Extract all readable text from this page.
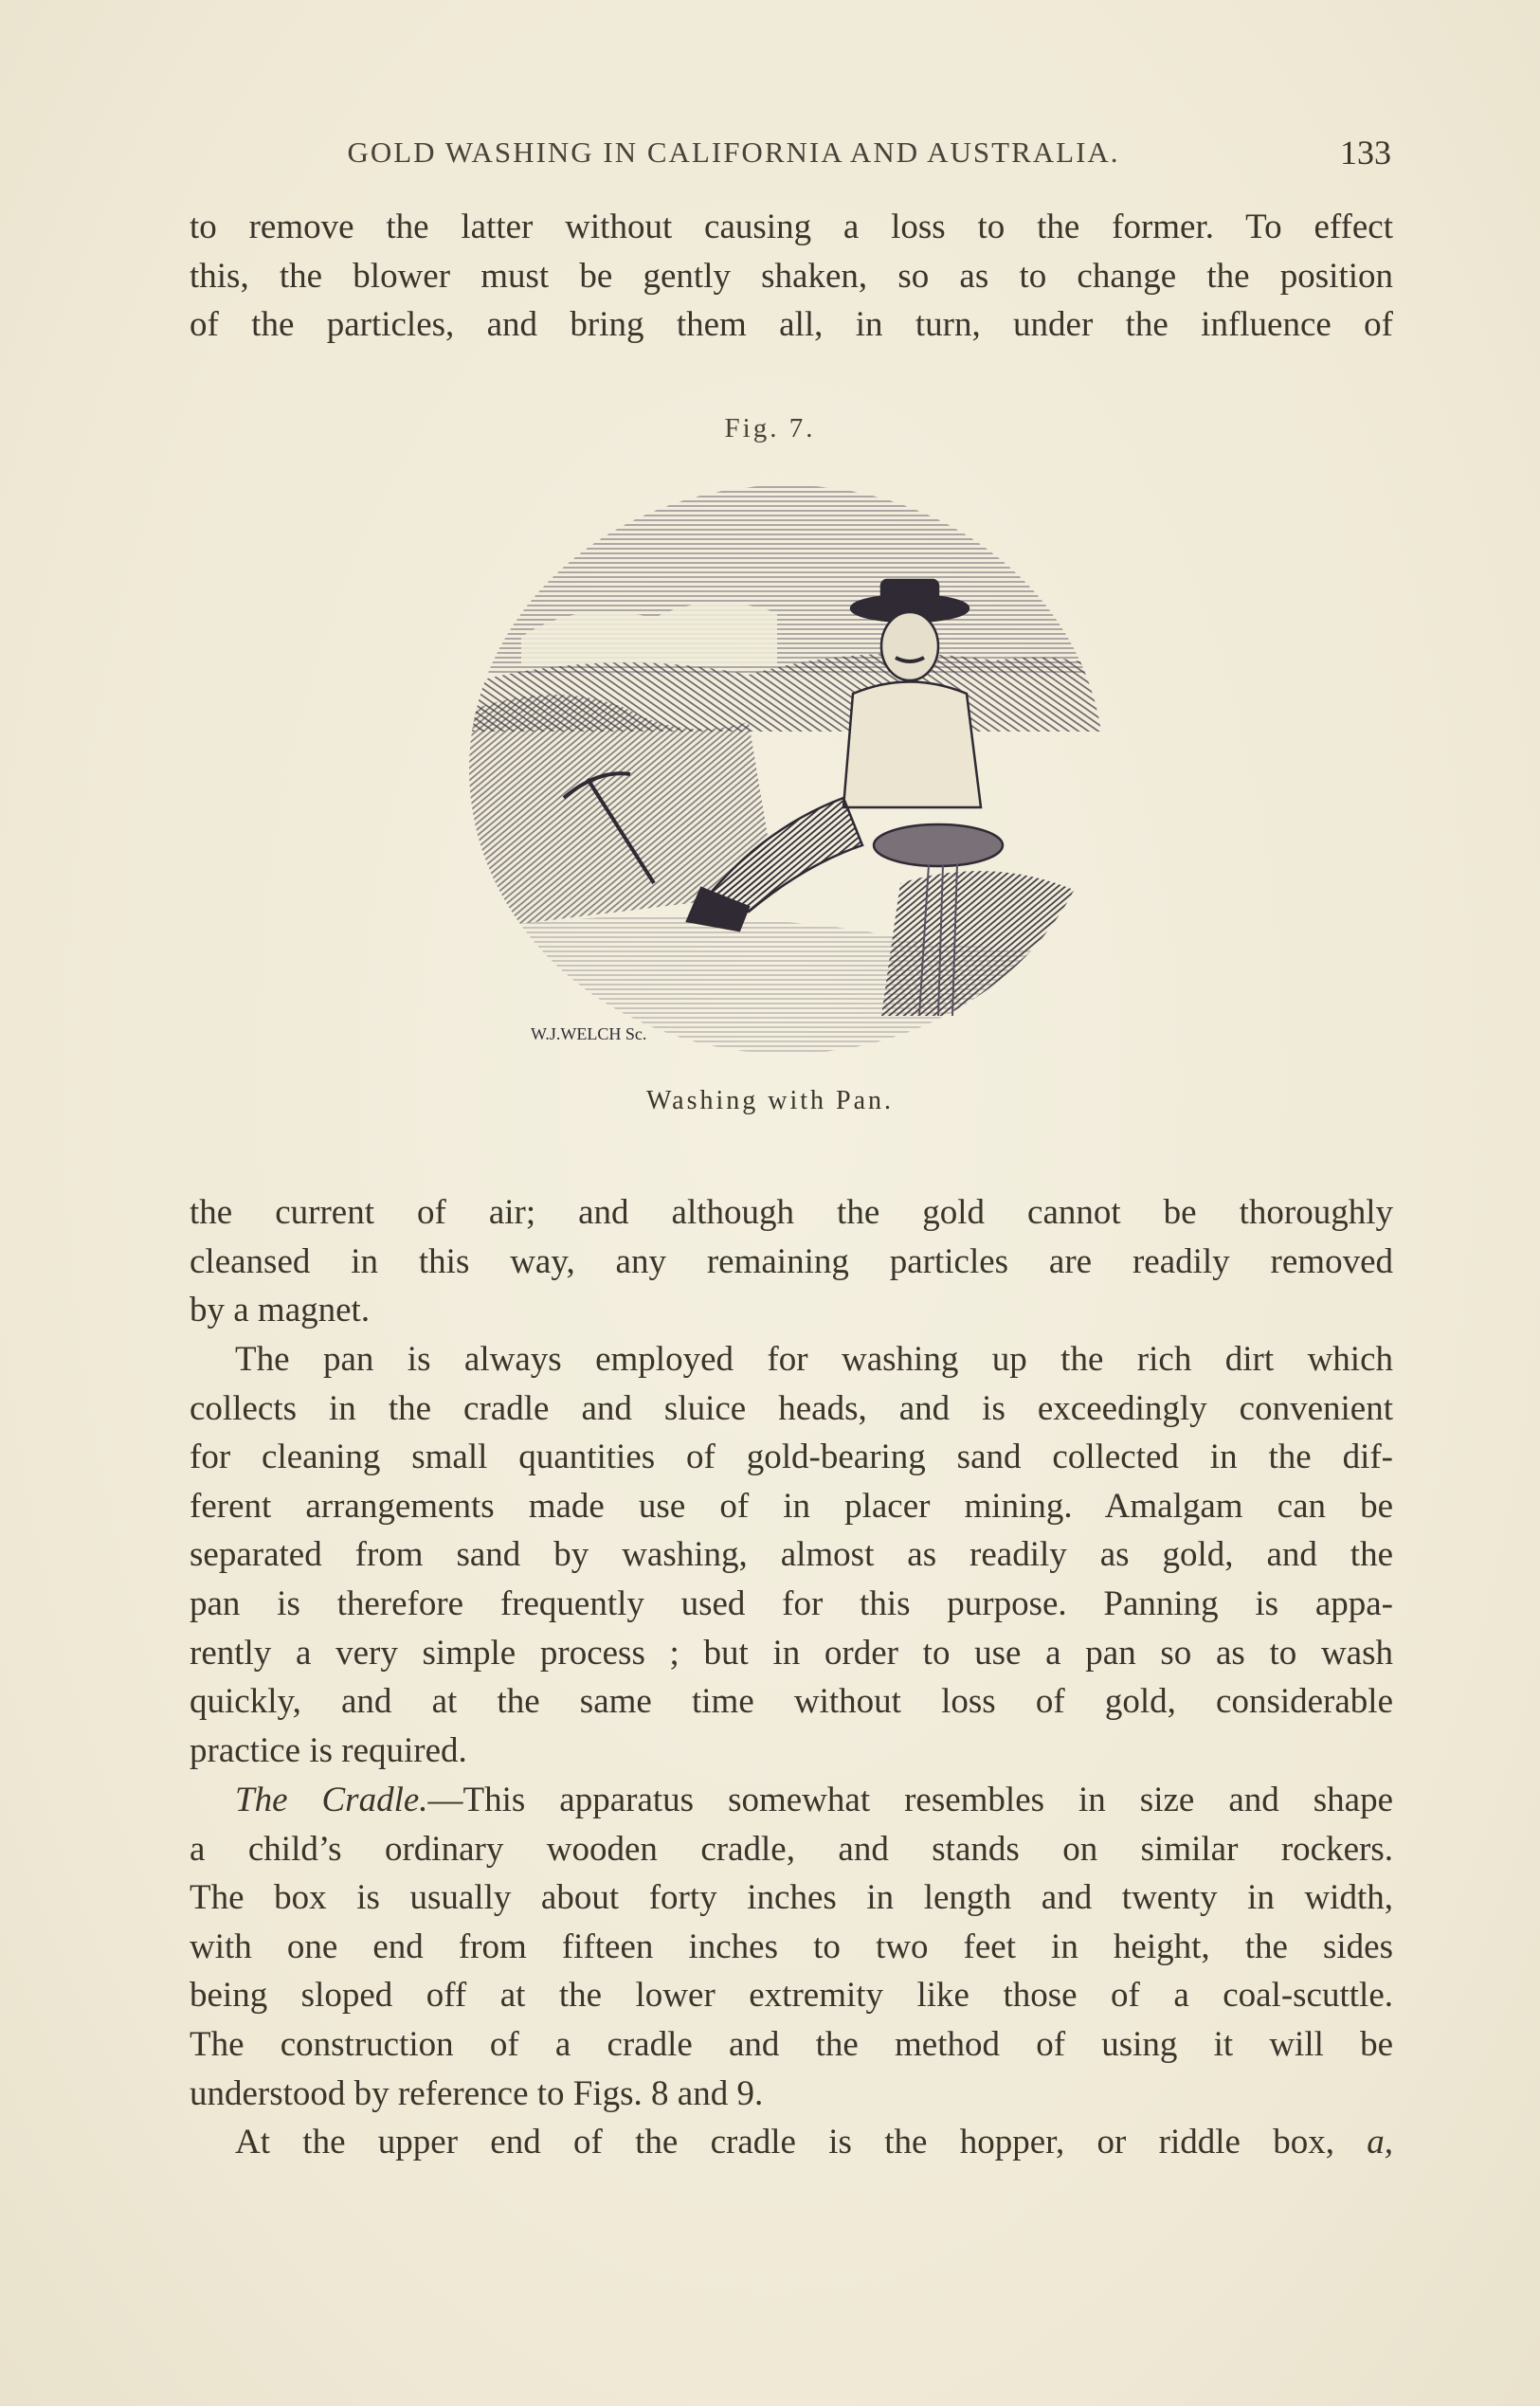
GOLD WASHING IN CALIFORNIA AND AUSTRALIA.	133
to remove the latter without causing a loss to the former. To effect
this, the blower must be gently shaken, so as to change the position
of the particles, and bring them all, in turn, under the influence of
Fig. 7.
W.J.WELCH Sc.
Washing with Pan.
the current of air; and although the gold cannot be thoroughly
cleansed in this way, any remaining particles are readily removed
by a magnet.
The pan is always employed for washing up the rich dirt which
collects in the cradle and sluice heads, and is exceedingly convenient
for cleaning small quantities of gold-bearing sand collected in the dif-
ferent arrangements made use of in placer mining. Amalgam can be
separated from sand by washing, almost as readily as gold, and the
pan is therefore frequently used for this purpose. Panning is appa-
rently a very simple process ; but in order to use a pan so as to wash
quickly, and at the same time without loss of gold, considerable
practice is required.
The Cradle.—This apparatus somewhat resembles in size and shape
a child’s ordinary wooden cradle, and stands on similar rockers.
The box is usually about forty inches in length and twenty in width,
with one end from fifteen inches to two feet in height, the sides
being sloped off at the lower extremity like those of a coal-scuttle.
The construction of a cradle and the method of using it will be
understood by reference to Figs. 8 and 9.
At the upper end of the cradle is the hopper, or riddle box, a,
